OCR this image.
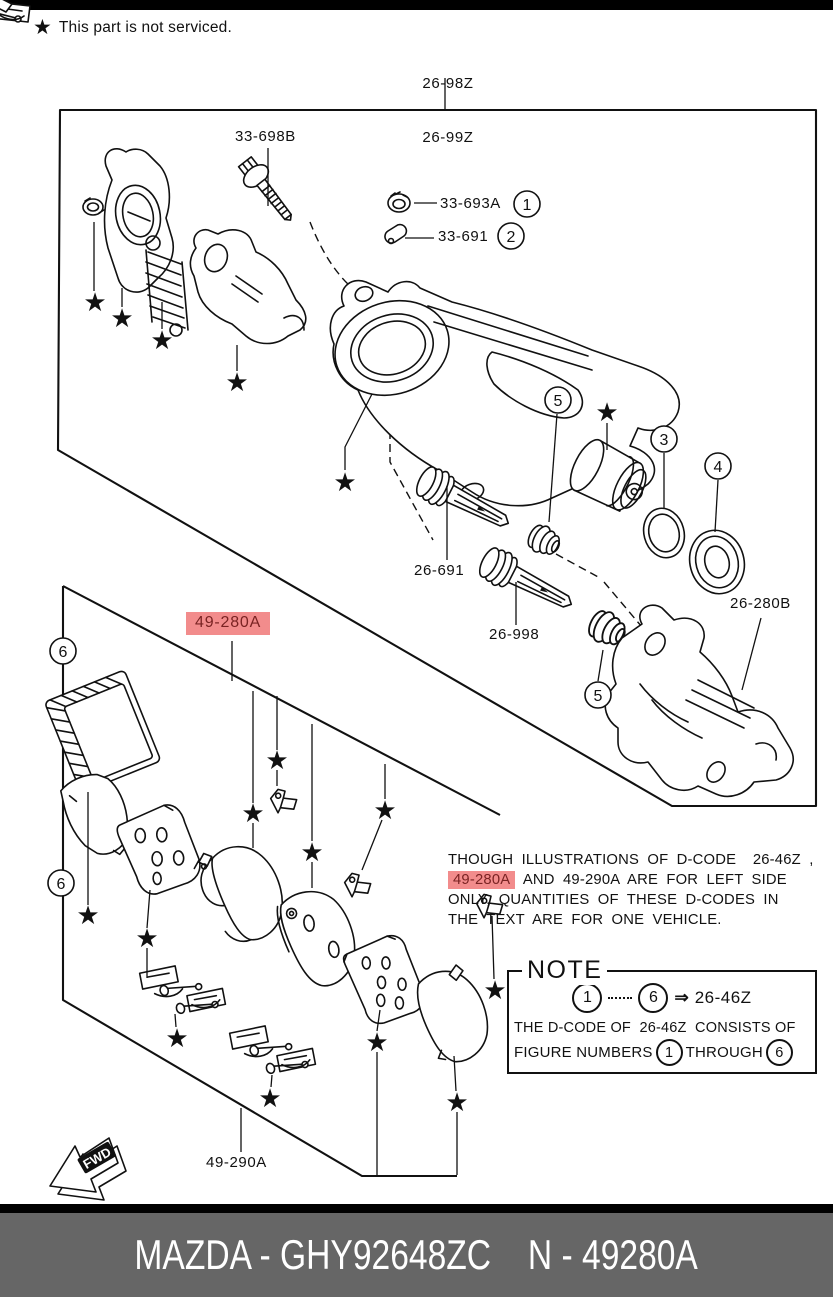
★ This part is not serviced.

26-98Z

26-99Z

★
★
★
★
★
★
★
★
★
★
★
★
★
★
★
★
★
1
2
3
4
5
5
6
6
FWD
33-698B
33-693A
33-691
26-691
26-998
26-280B
49-280A
49-290A
THOUGH ILLUSTRATIONS OF D-CODE  26-46Z ,
49-280A AND 49-290A ARE FOR LEFT SIDE
ONLY, QUANTITIES OF THESE D-CODES IN
THE TEXT ARE FOR ONE VEHICLE.
NOTE
1	6 ⇒ 26-46Z
THE D-CODE OF  26-46Z  CONSISTS OF
FIGURE NUMBERS 1 THROUGH 6
MAZDA - GHY92648ZC N - 49280A
